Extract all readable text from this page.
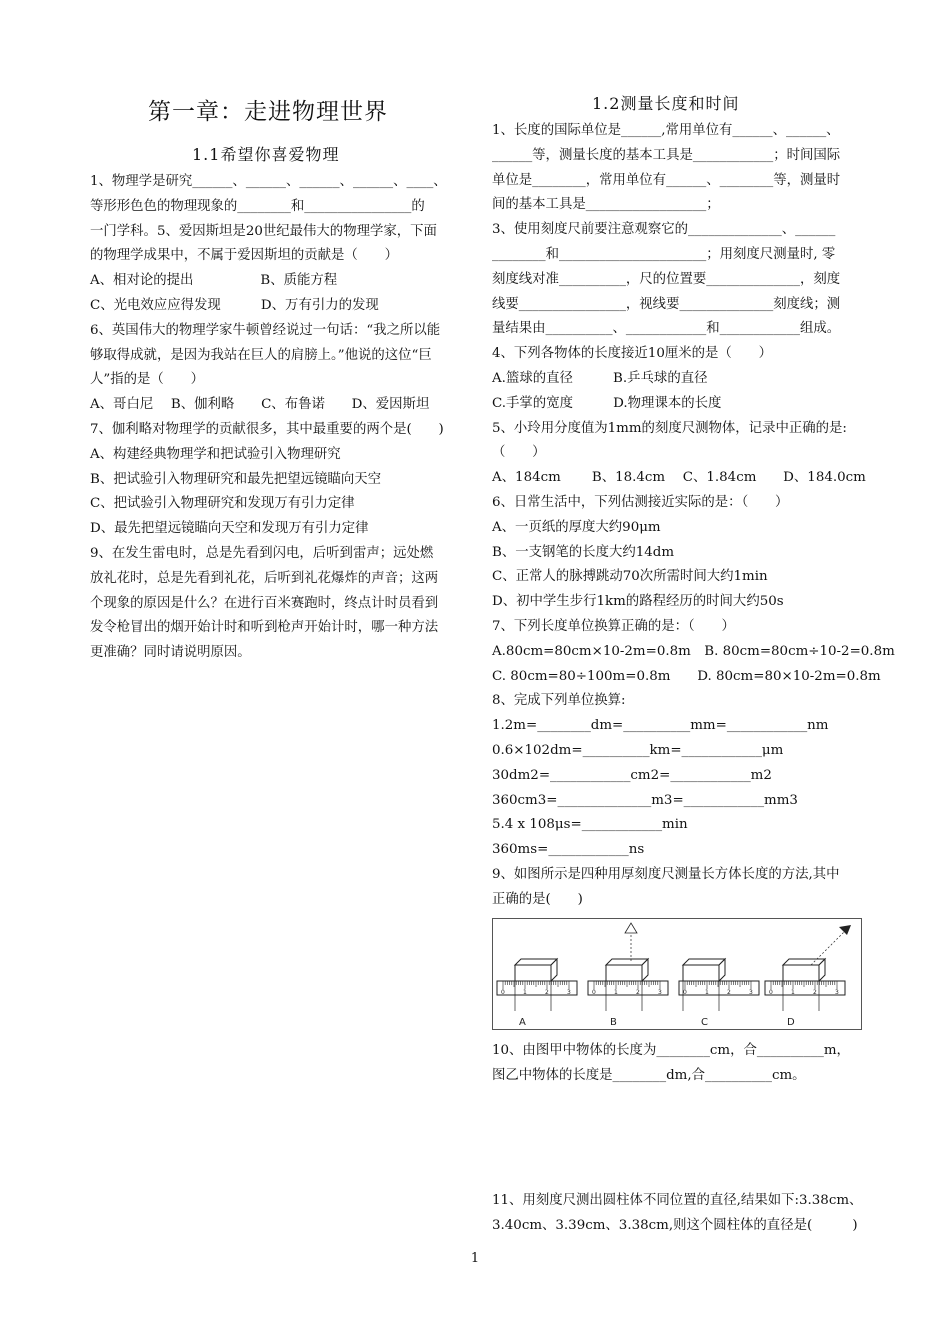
第一章：走进物理世界
1.1希望你喜爱物理
1、物理学是研究______、______、______、______、____、
等形形色色的物理现象的________和________________的
一门学科。5、爱因斯坦是20世纪最伟大的物理学家，下面
的物理学成果中，不属于爱因斯坦的贡献是（　　）
A、相对论的提出　　　　　B、质能方程
C、光电效应应得发现　　　D、万有引力的发现
6、英国伟大的物理学家牛顿曾经说过一句话：“我之所以能
够取得成就，是因为我站在巨人的肩膀上。”他说的这位“巨
人”指的是（　　）
A、哥白尼　 B、伽利略　　C、布鲁诺　　D、爱因斯坦
7、伽利略对物理学的贡献很多，其中最重要的两个是(　　)
A、构建经典物理学和把试验引入物理研究
B、把试验引入物理研究和最先把望远镜瞄向天空
C、把试验引入物理研究和发现万有引力定律
D、最先把望远镜瞄向天空和发现万有引力定律
9、在发生雷电时，总是先看到闪电，后听到雷声；远处燃
放礼花时，总是先看到礼花，后听到礼花爆炸的声音；这两
个现象的原因是什么？在进行百米赛跑时，终点计时员看到
发令枪冒出的烟开始计时和听到枪声开始计时，哪一种方法
更准确？同时请说明原因。
1.2测量长度和时间
1、长度的国际单位是______,常用单位有______、______、
______等，测量长度的基本工具是____________；时间国际
单位是________，常用单位有______、________等，测量时
间的基本工具是__________________；
3、使用刻度尺前要注意观察它的______________、______
________和______________________；用刻度尺测量时, 零
刻度线对准__________，尺的位置要______________，刻度
线要________________，视线要______________刻度线；测
量结果由__________、____________和____________组成。
4、下列各物体的长度接近10厘米的是（　　）
A.篮球的直径　　　B.乒乓球的直径
C.手掌的宽度　　　D.物理课本的长度
5、小玲用分度值为1mm的刻度尺测物体，记录中正确的是:
（　　）
A、184cm　　 B、18.4cm　 C、1.84cm　　D、184.0cm
6、日常生活中，下列估测接近实际的是：（　　）
A、一页纸的厚度大约90μm
B、一支钢笔的长度大约14dm
C、正常人的脉搏跳动70次所需时间大约1min
D、初中学生步行1km的路程经历的时间大约50s
7、下列长度单位换算正确的是：（　　）
A.80cm=80cm×10-2m=0.8m　B. 80cm=80cm÷10-2=0.8m
C. 80cm=80÷100m=0.8m　　D. 80cm=80×10-2m=0.8m
8、完成下列单位换算:
1.2m=________dm=__________mm=____________nm
0.6×102dm=__________km=____________μm
30dm2=____________cm2=____________m2
360cm3=______________m3=____________mm3
5.4 x 108μs=____________min
360ms=____________ns
9、如图所示是四种用厚刻度尺测量长方体长度的方法,其中
正确的是(　　)
0	1	2	3
A
0	1	2	3
B
0	1	2	3
C
0	1	2	3
D
10、由图甲中物体的长度为________cm，合__________m，
图乙中物体的长度是________dm,合__________cm。
11、用刻度尺测出圆柱体不同位置的直径,结果如下:3.38cm、
3.40cm、3.39cm、3.38cm,则这个圆柱体的直径是(　　　)
1
